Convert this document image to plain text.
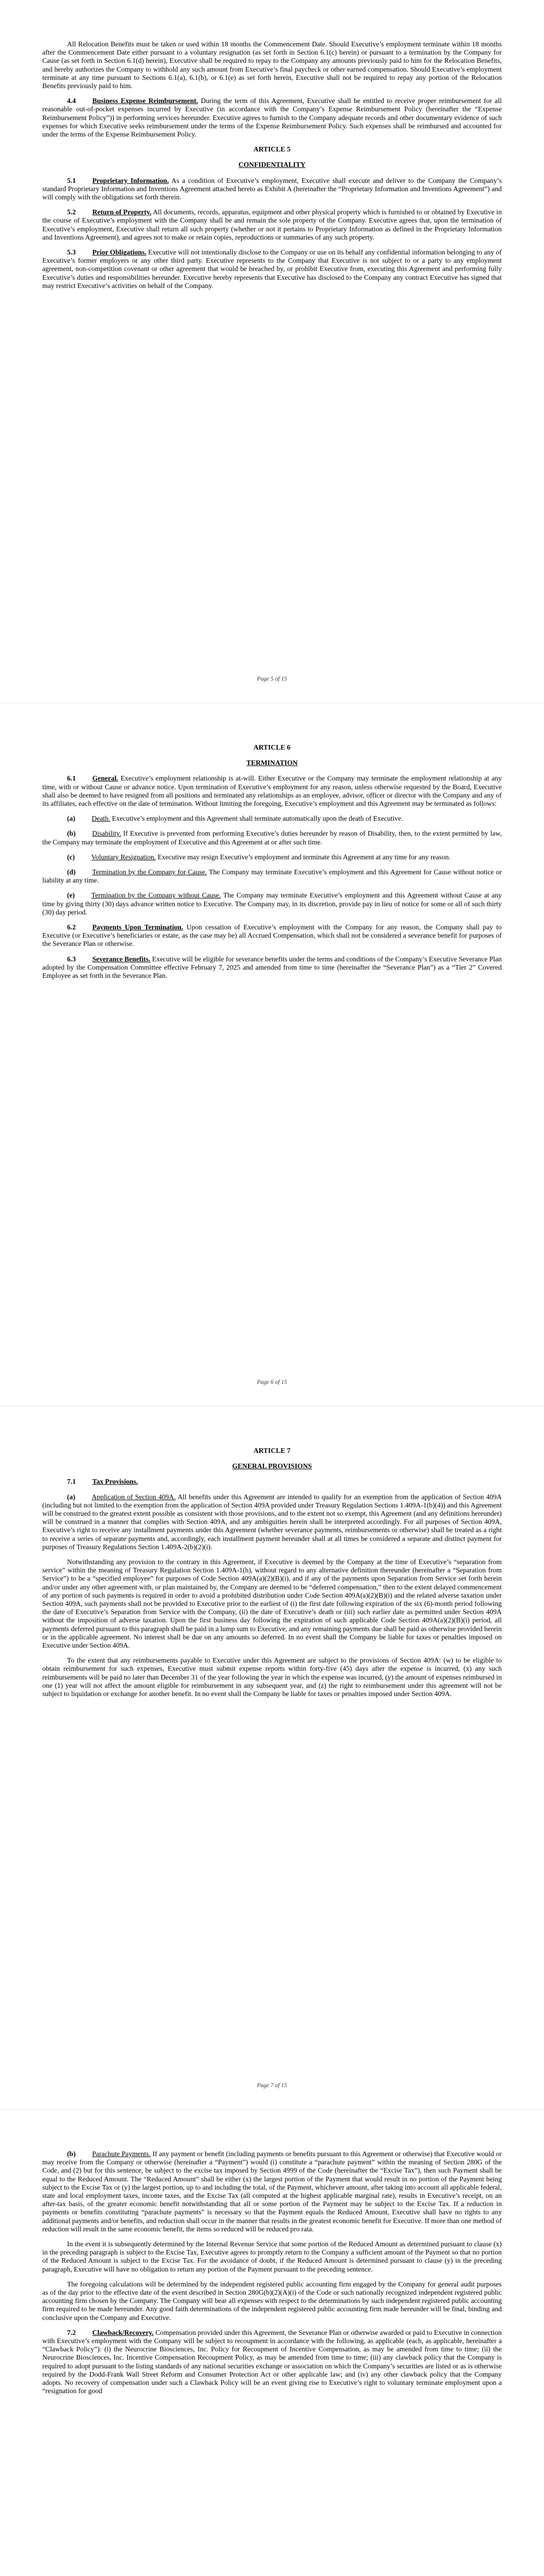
All Relocation Benefits must be taken or used within 18 months the Commencement Date. Should Executive’s employment terminate within 18 months after the Commencement Date either pursuant to a voluntary resignation (as set forth in Section 6.1(c) herein) or pursuant to a termination by the Company for Cause (as set forth in Section 6.1(d) herein), Executive shall be required to repay to the Company any amounts previously paid to him for the Relocation Benefits, and hereby authorizes the Company to withhold any such amount from Executive’s final paycheck or other earned compensation. Should Executive’s employment terminate at any time pursuant to Sections 6.1(a), 6.1(b), or 6.1(e) as set forth herein, Executive shall not be required to repay any portion of the Relocation Benefits previously paid to him.

4.4 Business Expense Reimbursement. During the term of this Agreement, Executive shall be entitled to receive proper reimbursement for all reasonable out-of-pocket expenses incurred by Executive (in accordance with the Company’s Expense Reimbursement Policy (hereinafter the “Expense Reimbursement Policy”)) in performing services hereunder. Executive agrees to furnish to the Company adequate records and other documentary evidence of such expenses for which Executive seeks reimbursement under the terms of the Expense Reimbursement Policy. Such expenses shall be reimbursed and accounted for under the terms of the Expense Reimbursement Policy.

ARTICLE 5

CONFIDENTIALITY

5.1 Proprietary Information. As a condition of Executive’s employment, Executive shall execute and deliver to the Company the Company’s standard Proprietary Information and Inventions Agreement attached hereto as Exhibit A (hereinafter the “Proprietary Information and Inventions Agreement”) and will comply with the obligations set forth therein.

5.2 Return of Property. All documents, records, apparatus, equipment and other physical property which is furnished to or obtained by Executive in the course of Executive’s employment with the Company shall be and remain the sole property of the Company. Executive agrees that, upon the termination of Executive’s employment, Executive shall return all such property (whether or not it pertains to Proprietary Information as defined in the Proprietary Information and Inventions Agreement), and agrees not to make or retain copies, reproductions or summaries of any such property.

5.3 Prior Obligations. Executive will not intentionally disclose to the Company or use on its behalf any confidential information belonging to any of Executive’s former employers or any other third party. Executive represents to the Company that Executive is not subject to or a party to any employment agreement, non-competition covenant or other agreement that would be breached by, or prohibit Executive from, executing this Agreement and performing fully Executive’s duties and responsibilities hereunder. Executive hereby represents that Executive has disclosed to the Company any contract Executive has signed that may restrict Executive’s activities on behalf of the Company.

Page 5 of 15

ARTICLE 6

TERMINATION

6.1 General. Executive’s employment relationship is at-will. Either Executive or the Company may terminate the employment relationship at any time, with or without Cause or advance notice. Upon termination of Executive’s employment for any reason, unless otherwise requested by the Board, Executive shall also be deemed to have resigned from all positions and terminated any relationships as an employee, advisor, officer or director with the Company and any of its affiliates, each effective on the date of termination. Without limiting the foregoing, Executive’s employment and this Agreement may be terminated as follows:

(a) Death. Executive’s employment and this Agreement shall terminate automatically upon the death of Executive.

(b) Disability. If Executive is prevented from performing Executive’s duties hereunder by reason of Disability, then, to the extent permitted by law, the Company may terminate the employment of Executive and this Agreement at or after such time.

(c) Voluntary Resignation. Executive may resign Executive’s employment and terminate this Agreement at any time for any reason.

(d) Termination by the Company for Cause. The Company may terminate Executive’s employment and this Agreement for Cause without notice or liability at any time.

(e) Termination by the Company without Cause. The Company may terminate Executive’s employment and this Agreement without Cause at any time by giving thirty (30) days advance written notice to Executive. The Company may, in its discretion, provide pay in lieu of notice for some or all of such thirty (30) day period.

6.2 Payments Upon Termination. Upon cessation of Executive’s employment with the Company for any reason, the Company shall pay to Executive (or Executive’s beneficiaries or estate, as the case may be) all Accrued Compensation, which shall not be considered a severance benefit for purposes of the Severance Plan or otherwise.

6.3 Severance Benefits. Executive will be eligible for severance benefits under the terms and conditions of the Company’s Executive Severance Plan adopted by the Compensation Committee effective February 7, 2025 and amended from time to time (hereinafter the “Severance Plan”) as a “Tier 2” Covered Employee as set forth in the Severance Plan.

Page 6 of 15

ARTICLE 7

GENERAL PROVISIONS

7.1 Tax Provisions.

(a) Application of Section 409A. All benefits under this Agreement are intended to qualify for an exemption from the application of Section 409A (including but not limited to the exemption from the application of Section 409A provided under Treasury Regulation Sections 1.409A-1(b)(4)) and this Agreement will be construed to the greatest extent possible as consistent with those provisions, and to the extent not so exempt, this Agreement (and any definitions hereunder) will be construed in a manner that complies with Section 409A, and any ambiguities herein shall be interpreted accordingly. For all purposes of Section 409A, Executive’s right to receive any installment payments under this Agreement (whether severance payments, reimbursements or otherwise) shall be treated as a right to receive a series of separate payments and, accordingly, each installment payment hereunder shall at all times be considered a separate and distinct payment for purposes of Treasury Regulations Section 1.409A-2(b)(2)(i).

Notwithstanding any provision to the contrary in this Agreement, if Executive is deemed by the Company at the time of Executive’s “separation from service” within the meaning of Treasury Regulation Section 1.409A-1(h), without regard to any alternative definition thereunder (hereinafter a “Separation from Service”) to be a “specified employee” for purposes of Code Section 409A(a)(2)(B)(i), and if any of the payments upon Separation from Service set forth herein and/or under any other agreement with, or plan maintained by, the Company are deemed to be “deferred compensation,” then to the extent delayed commencement of any portion of such payments is required in order to avoid a prohibited distribution under Code Section 409A(a)(2)(B)(i) and the related adverse taxation under Section 409A, such payments shall not be provided to Executive prior to the earliest of (i) the first date following expiration of the six (6)-month period following the date of Executive’s Separation from Service with the Company, (ii) the date of Executive’s death or (iii) such earlier date as permitted under Section 409A without the imposition of adverse taxation. Upon the first business day following the expiration of such applicable Code Section 409A(a)(2)(B)(i) period, all payments deferred pursuant to this paragraph shall be paid in a lump sum to Executive, and any remaining payments due shall be paid as otherwise provided herein or in the applicable agreement. No interest shall be due on any amounts so deferred. In no event shall the Company be liable for taxes or penalties imposed on Executive under Section 409A.

To the extent that any reimbursements payable to Executive under this Agreement are subject to the provisions of Section 409A: (w) to be eligible to obtain reimbursement for such expenses, Executive must submit expense reports within forty-five (45) days after the expense is incurred, (x) any such reimbursements will be paid no later than December 31 of the year following the year in which the expense was incurred, (y) the amount of expenses reimbursed in one (1) year will not affect the amount eligible for reimbursement in any subsequent year, and (z) the right to reimbursement under this agreement will not be subject to liquidation or exchange for another benefit. In no event shall the Company be liable for taxes or penalties imposed under Section 409A.

Page 7 of 15

(b) Parachute Payments. If any payment or benefit (including payments or benefits pursuant to this Agreement or otherwise) that Executive would or may receive from the Company or otherwise (hereinafter a “Payment”) would (i) constitute a “parachute payment” within the meaning of Section 280G of the Code, and (2) but for this sentence, be subject to the excise tax imposed by Section 4999 of the Code (hereinafter the “Excise Tax”), then such Payment shall be equal to the Reduced Amount. The “Reduced Amount” shall be either (x) the largest portion of the Payment that would result in no portion of the Payment being subject to the Excise Tax or (y) the largest portion, up to and including the total, of the Payment, whichever amount, after taking into account all applicable federal, state and local employment taxes, income taxes, and the Excise Tax (all computed at the highest applicable marginal rate), results in Executive’s receipt, on an after-tax basis, of the greater economic benefit notwithstanding that all or some portion of the Payment may be subject to the Excise Tax. If a reduction in payments or benefits constituting “parachute payments” is necessary so that the Payment equals the Reduced Amount, Executive shall have no rights to any additional payments and/or benefits, and reduction shall occur in the manner that results in the greatest economic benefit for Executive. If more than one method of reduction will result in the same economic benefit, the items so reduced will be reduced pro rata.

In the event it is subsequently determined by the Internal Revenue Service that some portion of the Reduced Amount as determined pursuant to clause (x) in the preceding paragraph is subject to the Excise Tax, Executive agrees to promptly return to the Company a sufficient amount of the Payment so that no portion of the Reduced Amount is subject to the Excise Tax. For the avoidance of doubt, if the Reduced Amount is determined pursuant to clause (y) in the preceding paragraph, Executive will have no obligation to return any portion of the Payment pursuant to the preceding sentence.

The foregoing calculations will be determined by the independent registered public accounting firm engaged by the Company for general audit purposes as of the day prior to the effective date of the event described in Section 280G(b)(2)(A)(i) of the Code or such nationally recognized independent registered public accounting firm chosen by the Company. The Company will bear all expenses with respect to the determinations by such independent registered public accounting firm required to be made hereunder. Any good faith determinations of the independent registered public accounting firm made hereunder will be final, binding and conclusive upon the Company and Executive.

7.2 Clawback/Recovery. Compensation provided under this Agreement, the Severance Plan or otherwise awarded or paid to Executive in connection with Executive’s employment with the Company will be subject to recoupment in accordance with the following, as applicable (each, as applicable, hereinafter a “Clawback Policy”): (i) the Neurocrine Biosciences, Inc. Policy for Recoupment of Incentive Compensation, as may be amended from time to time; (ii) the Neurocrine Biosciences, Inc. Incentive Compensation Recoupment Policy, as may be amended from time to time; (iii) any clawback policy that the Company is required to adopt pursuant to the listing standards of any national securities exchange or association on which the Company’s securities are listed or as is otherwise required by the Dodd-Frank Wall Street Reform and Consumer Protection Act or other applicable law; and (iv) any other clawback policy that the Company adopts. No recovery of compensation under such a Clawback Policy will be an event giving rise to Executive’s right to voluntary terminate employment upon a “resignation for good
